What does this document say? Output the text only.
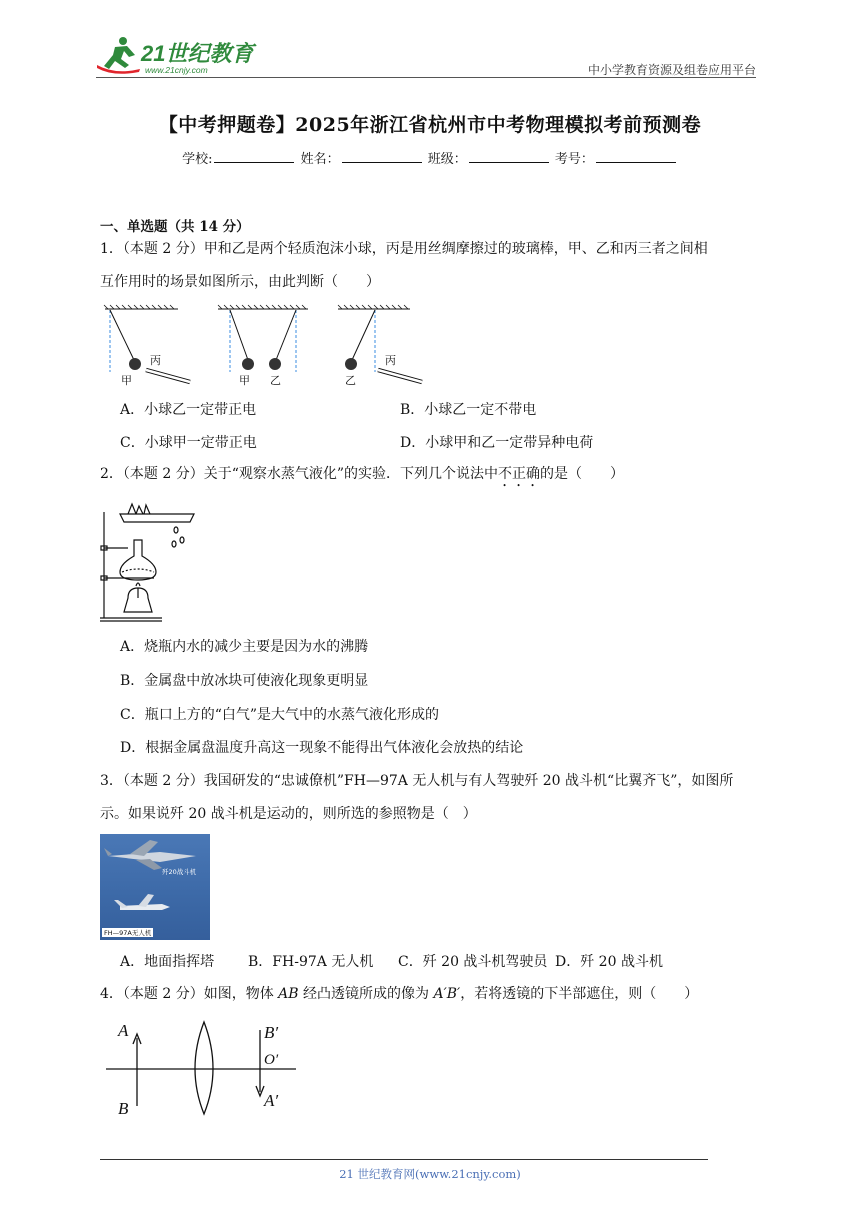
21世纪教育
www.21cnjy.com	中小学教育资源及组卷应用平台
【中考押题卷】2025年浙江省杭州市中考物理模拟考前预测卷
学校:	姓名：	班级：	考号：
一、单选题（共 14 分）
1．（本题 2 分）甲和乙是两个轻质泡沫小球，丙是用丝绸摩擦过的玻璃棒，甲、乙和丙三者之间相
互作用时的场景如图所示，由此判断（　　）
甲
丙
甲 乙	乙
丙
A．小球乙一定带正电	B．小球乙一定不带电
C．小球甲一定带正电	D．小球甲和乙一定带异种电荷
2．（本题 2 分）关于“观察水蒸气液化”的实验．下列几个说法中不正确的是（　　）
A．烧瓶内水的减少主要是因为水的沸腾
B．金属盘中放冰块可使液化现象更明显
C．瓶口上方的“白气”是大气中的水蒸气液化形成的
D．根据金属盘温度升高这一现象不能得出气体液化会放热的结论
3．（本题 2 分）我国研发的“忠诚僚机”FH—97A 无人机与有人驾驶歼 20 战斗机“比翼齐飞”，如图所
示。如果说歼 20 战斗机是运动的，则所选的参照物是（　）
歼20战斗机
FH—97A无人机
A．地面指挥塔 B．FH-97A 无人机 C．歼 20 战斗机驾驶员 D．歼 20 战斗机
4．（本题 2 分）如图，物体 AB 经凸透镜所成的像为 A′B′，若将透镜的下半部遮住，则（　　）
A
B
B′
O′
A′
21 世纪教育网(www.21cnjy.com)
